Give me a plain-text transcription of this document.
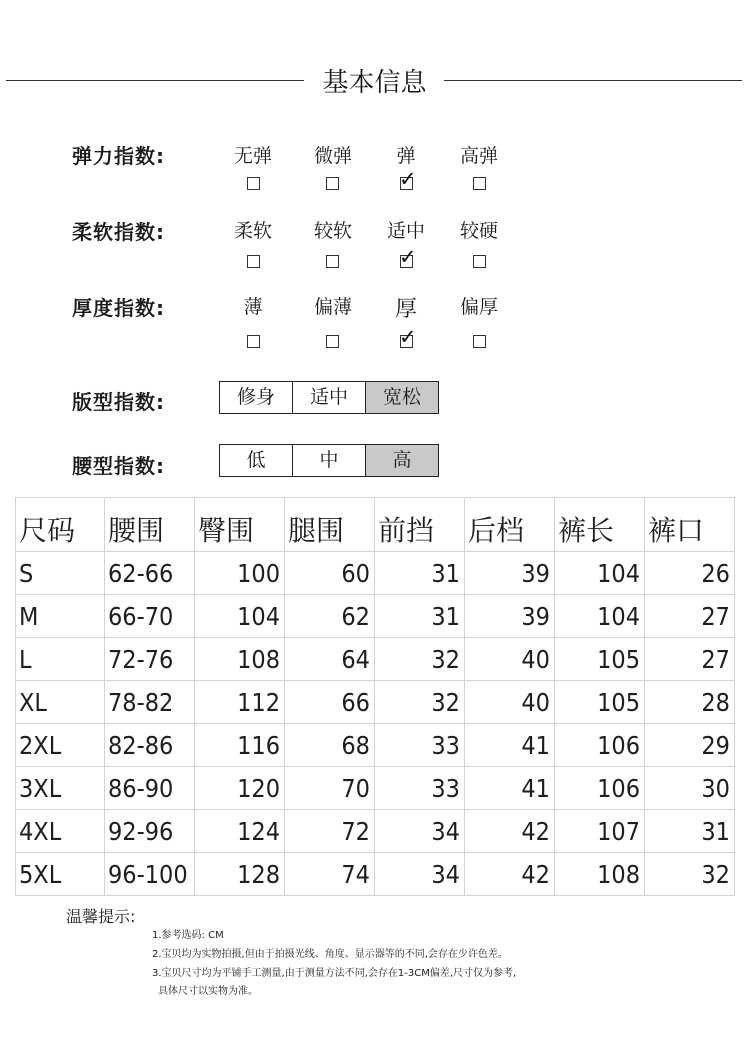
基本信息
弹力指数:	无弹	微弹	弹	高弹
✓
柔软指数:	柔软	较软	适中	较硬
✓
厚度指数:	薄	偏薄	厚	偏厚
✓
版型指数:	修身	适中	宽松
腰型指数:	低	中	高
尺码	腰围	臀围	腿围	前挡	后档	裤长	裤口
S	62-66	100	60	31	39	104	26
M	66-70	104	62	31	39	104	27
L	72-76	108	64	32	40	105	27
XL	78-82	112	66	32	40	105	28
2XL	82-86	116	68	33	41	106	29
3XL	86-90	120	70	33	41	106	30
4XL	92-96	124	72	34	42	107	31
5XL	96-100	128	74	34	42	108	32
温馨提示:
1.参考选码: CM
2.宝贝均为实物拍摄,但由于拍摄光线、角度、显示器等的不同,会存在少许色差。
3.宝贝尺寸均为平铺手工测量,由于测量方法不同,会存在1-3CM偏差,尺寸仅为参考,
具体尺寸以实物为准。
